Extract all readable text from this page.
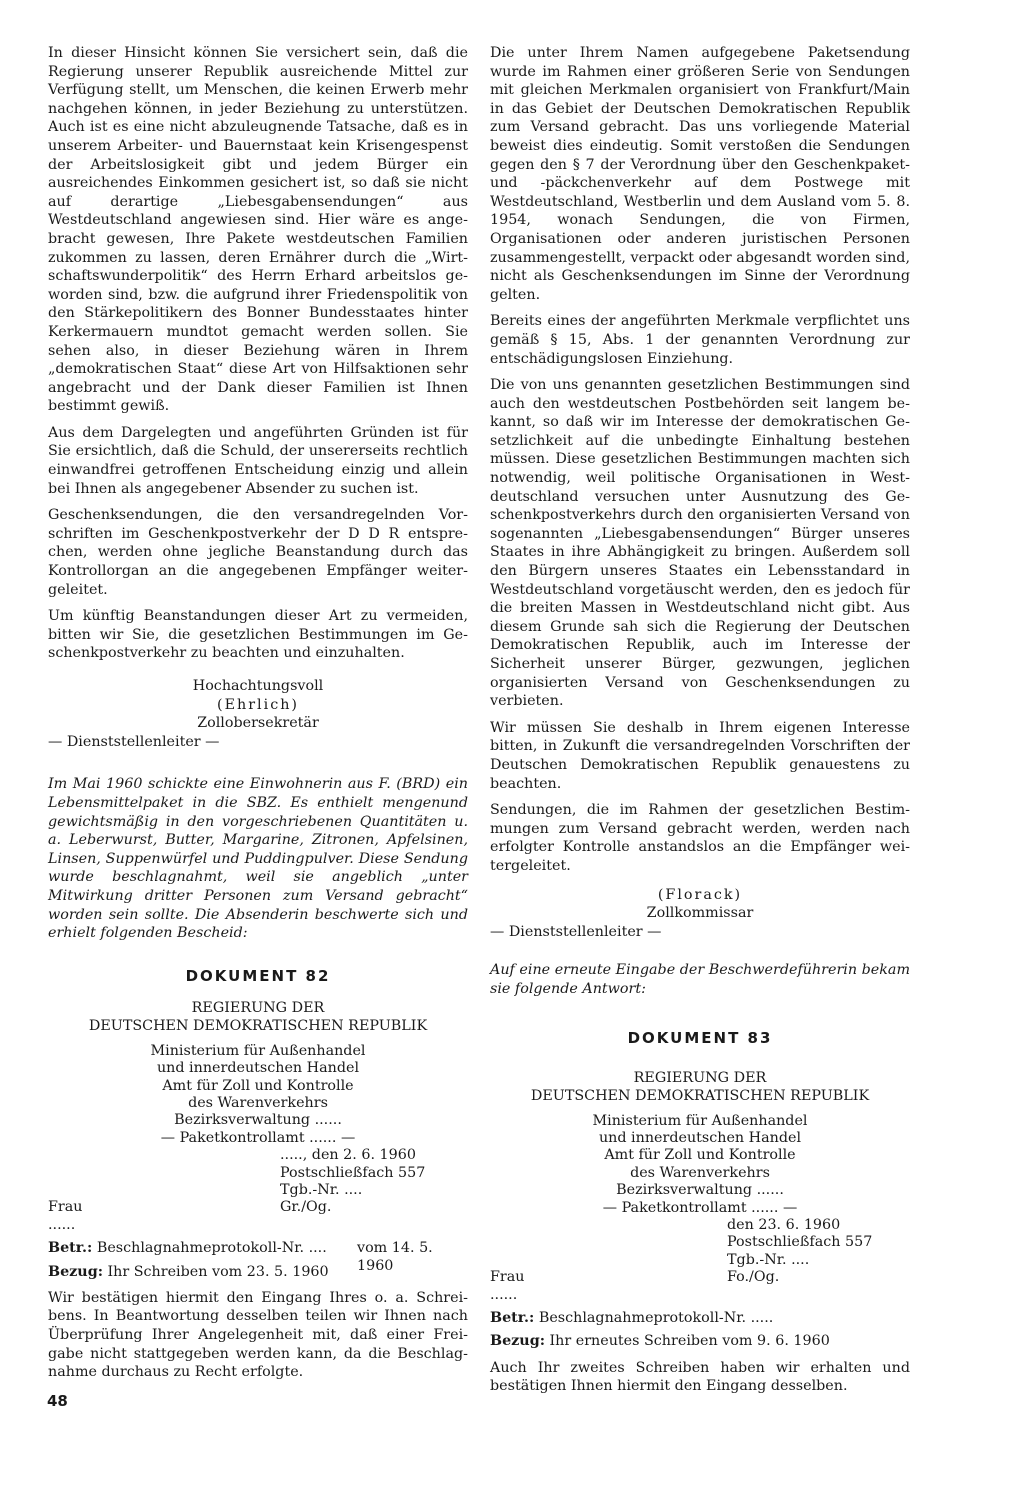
In dieser Hinsicht können Sie versichert sein, daß die Regierung unserer Republik ausreichende Mittel zur Verfügung stellt, um Menschen, die keinen Erwerb mehr nachgehen können, in jeder Beziehung zu unterstützen. Auch ist es eine nicht abzuleugnende Tatsache, daß es in unserem Arbeiter- und Bauernstaat kein Krisengespenst der Arbeitslosigkeit gibt und jedem Bürger ein ausreichendes Einkommen gesichert ist, so daß sie nicht auf derartige „Liebesgabensendungen“ aus Westdeutschland angewiesen sind. Hier wäre es angebracht gewesen, Ihre Pakete westdeutschen Familien zukommen zu lassen, deren Ernährer durch die „Wirtschaftswunderpolitik“ des Herrn Erhard arbeitslos geworden sind, bzw. die aufgrund ihrer Friedenspolitik von den Stärkepolitikern des Bonner Bundesstaates hinter Kerkermauern mundtot gemacht werden sollen. Sie sehen also, in dieser Beziehung wären in Ihrem „demokratischen Staat“ diese Art von Hilfsaktionen sehr angebracht und der Dank dieser Familien ist Ihnen bestimmt gewiß.

Aus dem Dargelegten und angeführten Gründen ist für Sie ersichtlich, daß die Schuld, der unsererseits rechtlich einwandfrei getroffenen Entscheidung einzig und allein bei Ihnen als angegebener Absender zu suchen ist.

Geschenksendungen, die den versandregelnden Vorschriften im Geschenkpostverkehr der D D R entsprechen, werden ohne jegliche Beanstandung durch das Kontrollorgan an die angegebenen Empfänger weitergeleitet.

Um künftig Beanstandungen dieser Art zu vermeiden, bitten wir Sie, die gesetzlichen Bestimmungen im Geschenkpostverkehr zu beachten und einzuhalten.

Hochachtungsvoll
(Ehrlich)
Zollobersekretär
— Dienststellenleiter —

Im Mai 1960 schickte eine Einwohnerin aus F. (BRD) ein Lebensmittelpaket in die SBZ. Es enthielt mengenund gewichtsmäßig in den vorgeschriebenen Quantitäten u. a. Leberwurst, Butter, Margarine, Zitronen, Apfelsinen, Linsen, Suppenwürfel und Puddingpulver. Diese Sendung wurde beschlagnahmt, weil sie angeblich „unter Mitwirkung dritter Personen zum Versand gebracht“ worden sein sollte. Die Absenderin beschwerte sich und erhielt folgenden Bescheid:

DOKUMENT 82
REGIERUNG DER
DEUTSCHEN DEMOKRATISCHEN REPUBLIK
Ministerium für Außenhandel
und innerdeutschen Handel
Amt für Zoll und Kontrolle
des Warenverkehrs
Bezirksverwaltung ......
— Paketkontrollamt ...... —
....., den 2. 6. 1960
Postschließfach 557
Tgb.-Nr. ....
Frau	Gr./Og.
......
Betr.: Beschlagnahmeprotokoll-Nr. .... vom 14. 5. 1960
Bezug: Ihr Schreiben vom 23. 5. 1960

Wir bestätigen hiermit den Eingang Ihres o. a. Schreibens. In Beantwortung desselben teilen wir Ihnen nach Überprüfung Ihrer Angelegenheit mit, daß einer Freigabe nicht stattgegeben werden kann, da die Beschlagnahme durchaus zu Recht erfolgte.

Die unter Ihrem Namen aufgegebene Paketsendung wurde im Rahmen einer größeren Serie von Sendungen mit gleichen Merkmalen organisiert von Frankfurt/Main in das Gebiet der Deutschen Demokratischen Republik zum Versand gebracht. Das uns vorliegende Material beweist dies eindeutig. Somit verstoßen die Sendungen gegen den § 7 der Verordnung über den Geschenkpaket- und -päckchenverkehr auf dem Postwege mit Westdeutschland, Westberlin und dem Ausland vom 5. 8. 1954, wonach Sendungen, die von Firmen, Organisationen oder anderen juristischen Personen zusammengestellt, verpackt oder abgesandt worden sind, nicht als Geschenksendungen im Sinne der Verordnung gelten.

Bereits eines der angeführten Merkmale verpflichtet uns gemäß § 15, Abs. 1 der genannten Verordnung zur entschädigungslosen Einziehung.

Die von uns genannten gesetzlichen Bestimmungen sind auch den westdeutschen Postbehörden seit langem bekannt, so daß wir im Interesse der demokratischen Gesetzlichkeit auf die unbedingte Einhaltung bestehen müssen. Diese gesetzlichen Bestimmungen machten sich notwendig, weil politische Organisationen in Westdeutschland versuchen unter Ausnutzung des Geschenkpostverkehrs durch den organisierten Versand von sogenannten „Liebesgabensendungen“ Bürger unseres Staates in ihre Abhängigkeit zu bringen. Außerdem soll den Bürgern unseres Staates ein Lebensstandard in Westdeutschland vorgetäuscht werden, den es jedoch für die breiten Massen in Westdeutschland nicht gibt. Aus diesem Grunde sah sich die Regierung der Deutschen Demokratischen Republik, auch im Interesse der Sicherheit unserer Bürger, gezwungen, jeglichen organisierten Versand von Geschenksendungen zu verbieten.

Wir müssen Sie deshalb in Ihrem eigenen Interesse bitten, in Zukunft die versandregelnden Vorschriften der Deutschen Demokratischen Republik genauestens zu beachten.

Sendungen, die im Rahmen der gesetzlichen Bestimmungen zum Versand gebracht werden, werden nach erfolgter Kontrolle anstandslos an die Empfänger weitergeleitet.

(Florack)
Zollkommissar
— Dienststellenleiter —

Auf eine erneute Eingabe der Beschwerdeführerin bekam sie folgende Antwort:

DOKUMENT 83
REGIERUNG DER
DEUTSCHEN DEMOKRATISCHEN REPUBLIK
Ministerium für Außenhandel
und innerdeutschen Handel
Amt für Zoll und Kontrolle
des Warenverkehrs
Bezirksverwaltung ......
— Paketkontrollamt ...... —
den 23. 6. 1960
Postschließfach 557
Tgb.-Nr. ....
Frau	Fo./Og.
......
Betr.: Beschlagnahmeprotokoll-Nr. .....
Bezug: Ihr erneutes Schreiben vom 9. 6. 1960

Auch Ihr zweites Schreiben haben wir erhalten und bestätigen Ihnen hiermit den Eingang desselben.

48
